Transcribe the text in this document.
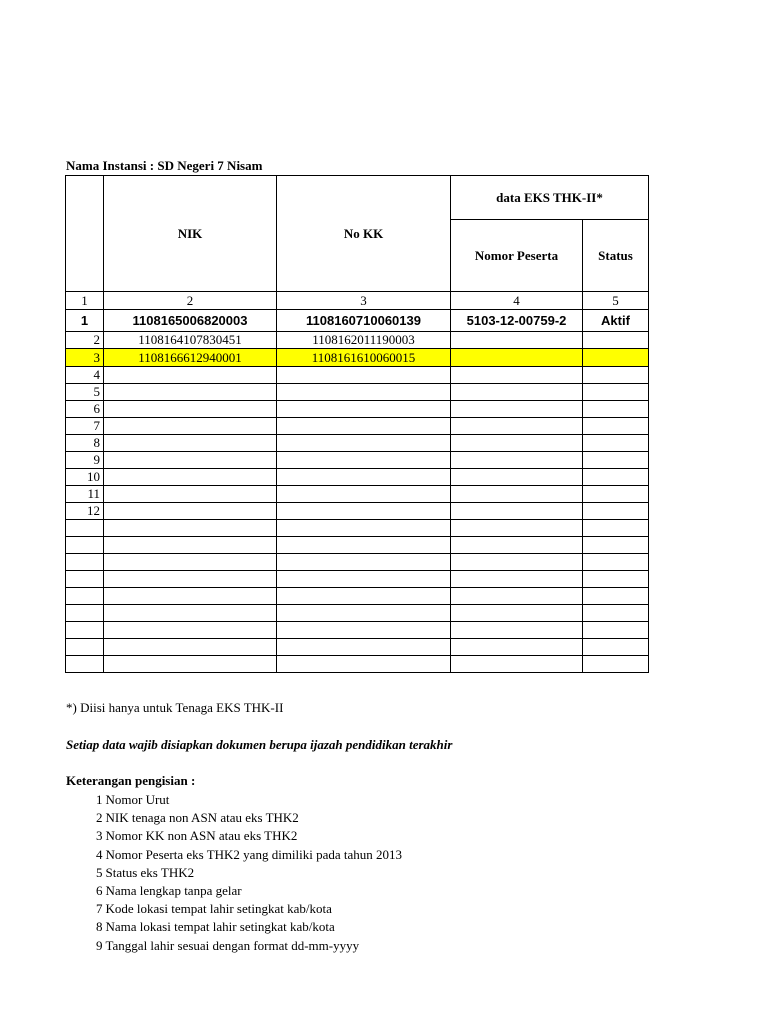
Nama Instansi : SD Negeri 7 Nisam
	NIK	No KK	data EKS THK-II*	
			Nomor Peserta	Status
1	2	3	4	5
1	1108165006820003	1108160710060139	5103-12-00759-2	Aktif
2	1108164107830451	1108162011190003		
3	1108166612940001	1108161610060015		
4				
5				
6				
7				
8				
9				
10				
11				
12				

*) Diisi hanya untuk Tenaga EKS THK-II
Setiap data wajib disiapkan dokumen berupa ijazah pendidikan terakhir
Keterangan pengisian :
1 Nomor Urut
2 NIK tenaga non ASN atau eks THK2
3 Nomor KK non ASN atau eks THK2
4 Nomor Peserta eks THK2 yang dimiliki pada tahun 2013
5 Status eks THK2
6 Nama lengkap tanpa gelar
7 Kode lokasi tempat lahir setingkat kab/kota
8 Nama lokasi tempat lahir setingkat kab/kota
9 Tanggal lahir sesuai dengan format dd-mm-yyyy
